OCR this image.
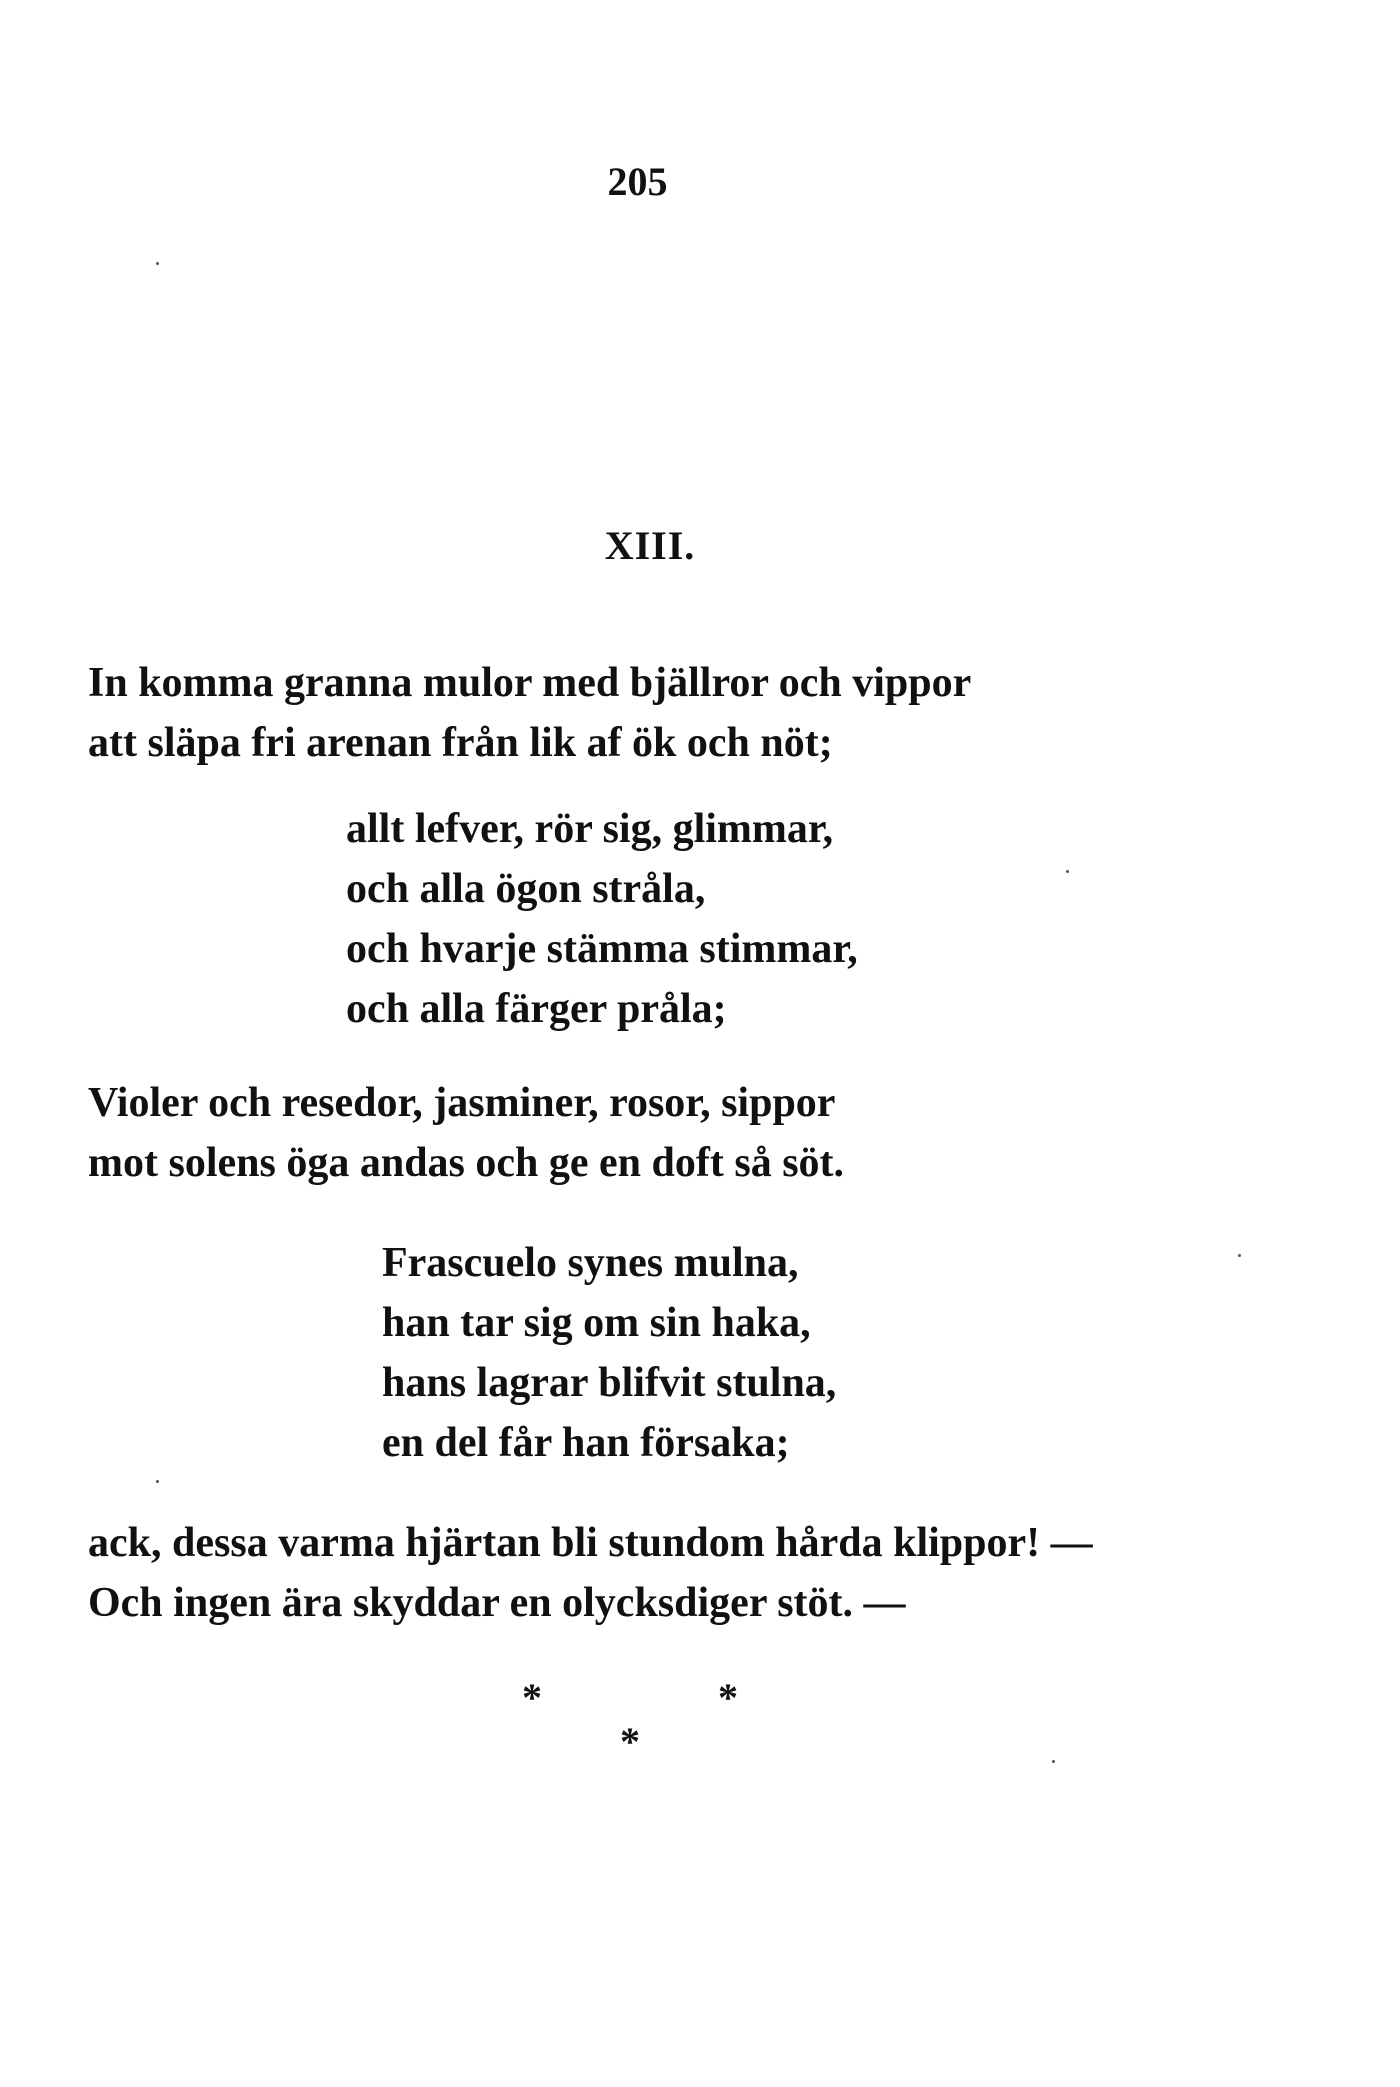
205
XIII.
In komma granna mulor med bjällror och vippor
att släpa fri arenan från lik af ök och nöt;
allt lefver, rör sig, glimmar,
och alla ögon stråla,
och hvarje stämma stimmar,
och alla färger pråla;
Violer och resedor, jasminer, rosor, sippor
mot solens öga andas och ge en doft så söt.
Frascuelo synes mulna,
han tar sig om sin haka,
hans lagrar blifvit stulna,
en del får han försaka;
ack, dessa varma hjärtan bli stundom hårda klippor! —
Och ingen ära skyddar en olycksdiger stöt. —
*	*
*
